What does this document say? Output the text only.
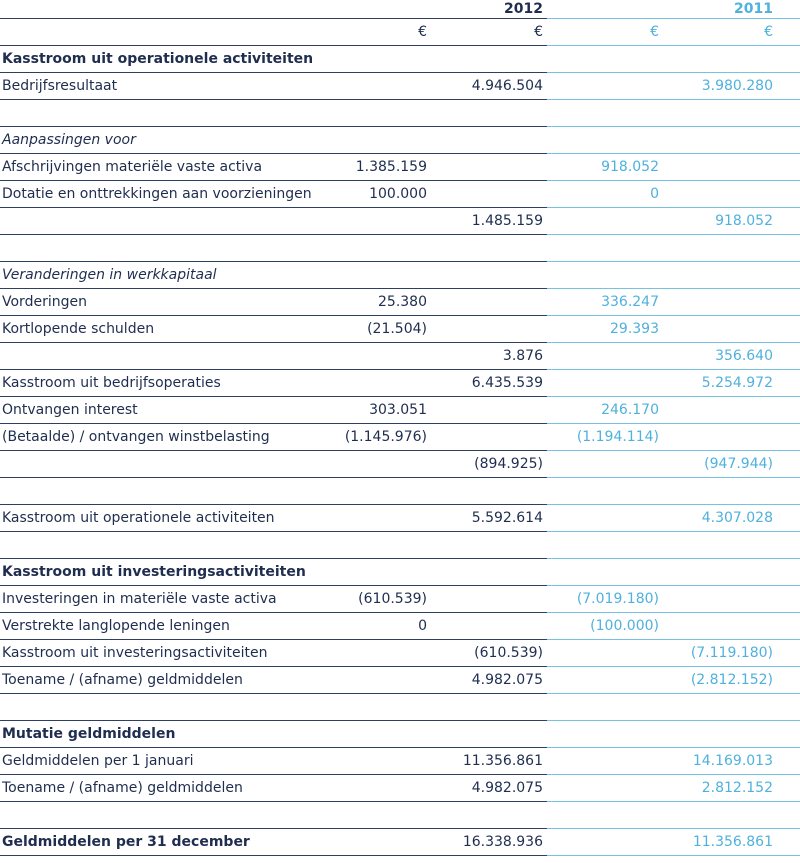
		2012		2011
	€	€	€	€
Kasstroom uit operationele activiteiten				
Bedrijfsresultaat		4.946.504		3.980.280

Aanpassingen voor				
Afschrijvingen materiële vaste activa	1.385.159		918.052	
Dotatie en onttrekkingen aan voorzieningen	100.000		0	
		1.485.159		918.052

Veranderingen in werkkapitaal				
Vorderingen	25.380		336.247	
Kortlopende schulden	(21.504)		29.393	
		3.876		356.640
Kasstroom uit bedrijfsoperaties		6.435.539		5.254.972
Ontvangen interest	303.051		246.170	
(Betaalde) / ontvangen winstbelasting	(1.145.976)		(1.194.114)	
		(894.925)		(947.944)

Kasstroom uit operationele activiteiten		5.592.614		4.307.028

Kasstroom uit investeringsactiviteiten				
Investeringen in materiële vaste activa	(610.539)		(7.019.180)	
Verstrekte langlopende leningen	0		(100.000)	
Kasstroom uit investeringsactiviteiten		(610.539)		(7.119.180)
Toename / (afname) geldmiddelen		4.982.075		(2.812.152)

Mutatie geldmiddelen				
Geldmiddelen per 1 januari		11.356.861		14.169.013
Toename / (afname) geldmiddelen		4.982.075		2.812.152

Geldmiddelen per 31 december		16.338.936		11.356.861
